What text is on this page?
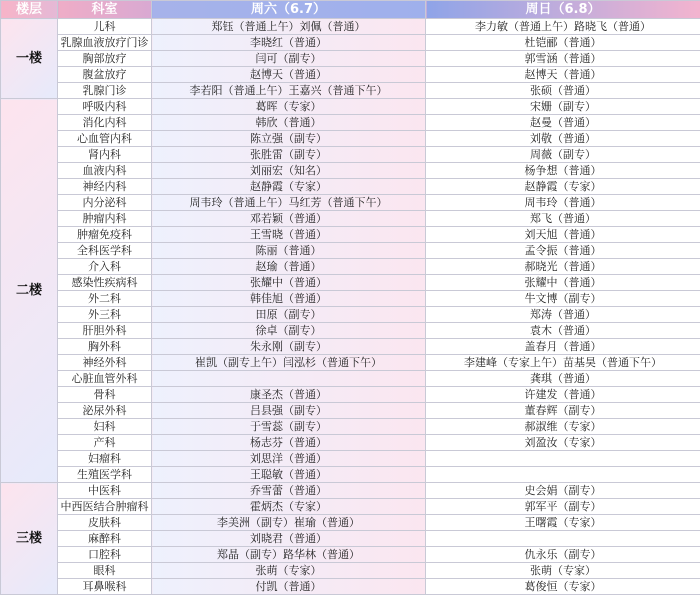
楼层	科室	周六（6.7）	周日（6.8）
一楼	儿科	郑钰（普通上午）刘佩（普通）	李力敏（普通上午）路晓飞（普通）
	乳腺血液放疗门诊	李晓红（普通）	杜铠郦（普通）
	胸部放疗	闫可（副专）	郭雪涵（普通）
	腹盆放疗	赵博天（普通）	赵博天（普通）
	乳腺门诊	李若阳（普通上午）王嘉兴（普通下午）	张硕（普通）
二楼	呼吸内科	葛晖（专家）	宋姗（副专）
	消化内科	韩欣（普通）	赵曼（普通）
	心血管内科	陈立强（副专）	刘敬（普通）
	肾内科	张胜雷（副专）	周薇（副专）
	血液内科	刘丽宏（知名）	杨争想（普通）
	神经内科	赵静霞（专家）	赵静霞（专家）
	内分泌科	周韦玲（普通上午）马红芳（普通下午）	周韦玲（普通）
	肿瘤内科	邓若颖（普通）	郑飞（普通）
	肿瘤免疫科	王雪晓（普通）	刘天旭（普通）
	全科医学科	陈丽（普通）	孟令振（普通）
	介入科	赵瑜（普通）	郝晓光（普通）
	感染性疾病科	张耀中（普通）	张耀中（普通）
	外二科	韩佳旭（普通）	牛文博（副专）
	外三科	田原（副专）	郑涛（普通）
	肝胆外科	徐卓（副专）	袁木（普通）
	胸外科	朱永刚（副专）	盖春月（普通）
	神经外科	崔凯（副专上午）闫泓杉（普通下午）	李建峰（专家上午）苗基昊（普通下午）
	心脏血管外科		龚琪（普通）
	骨科	康圣杰（普通）	许建发（普通）
	泌尿外科	吕县强（副专）	董春辉（副专）
	妇科	于雪蕊（副专）	郝淑维（专家）
	产科	杨志芬（普通）	刘盈汝（专家）
	妇瘤科	刘思洋（普通）	
	生殖医学科	王聪敏（普通）	
三楼	中医科	乔雪蕾（普通）	史会娟（副专）
	中西医结合肿瘤科	霍炳杰（专家）	郭军平（副专）
	皮肤科	李美洲（副专）崔瑜（普通）	王曙霞（专家）
	麻醉科	刘晓君（普通）	
	口腔科	郑晶（副专）路华林（普通）	仇永乐（副专）
	眼科	张萌（专家）	张萌（专家）
	耳鼻喉科	付凯（普通）	葛俊恒（专家）
